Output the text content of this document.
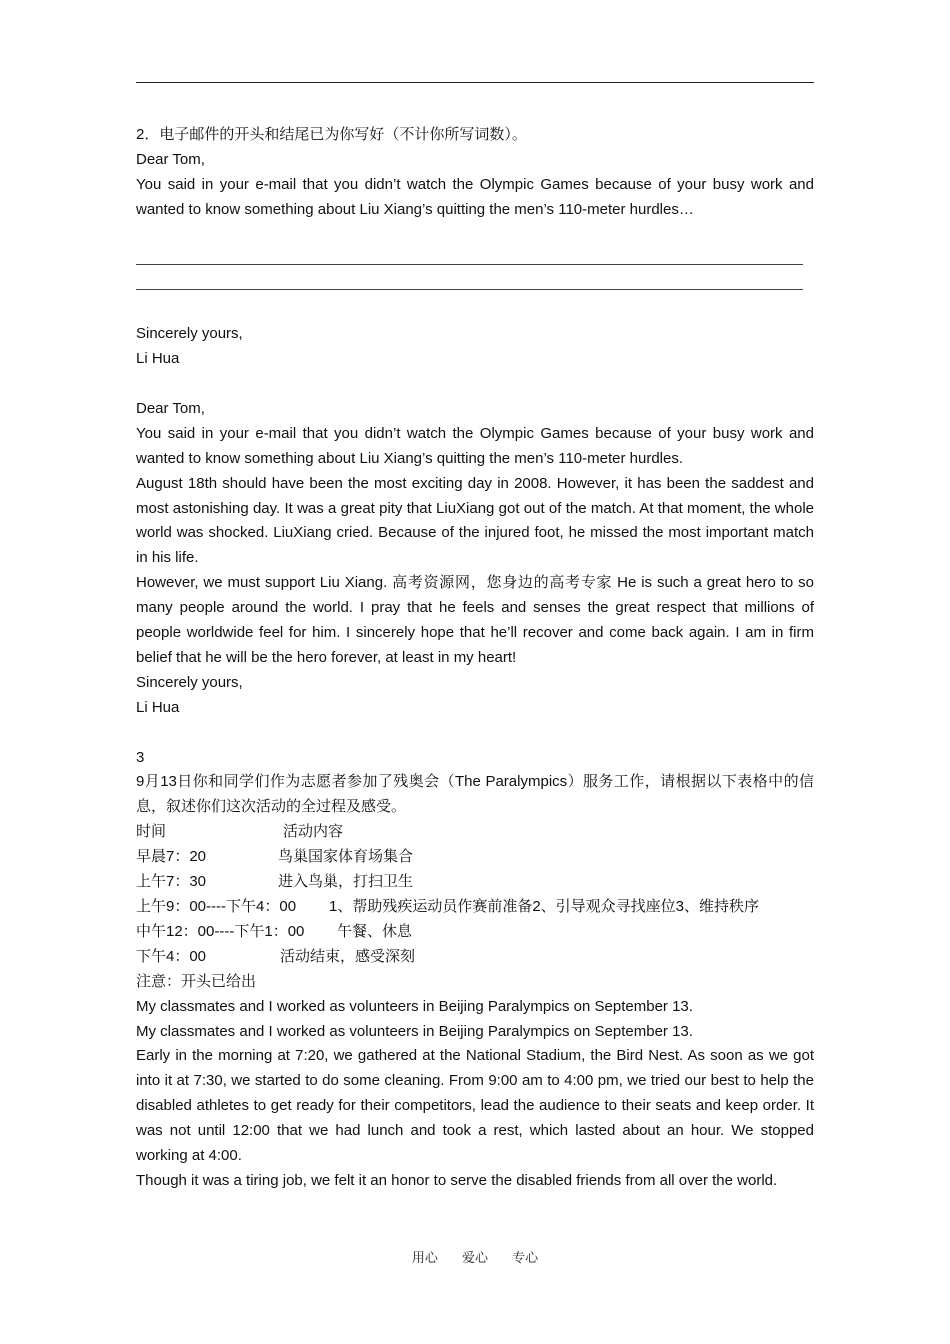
2．电子邮件的开头和结尾已为你写好（不计你所写词数）。

Dear Tom,

You said in your e-mail that you didn’t watch the Olympic Games because of your busy work and wanted to know something about Liu Xiang’s quitting the men’s 110-meter hurdles…

Sincerely yours,

Li Hua

Dear Tom,

You said in your e-mail that you didn’t watch the Olympic Games because of your busy work and wanted to know something about Liu Xiang’s quitting the men’s 110-meter hurdles.

August 18th should have been the most exciting day in 2008. However, it has been the saddest and most astonishing day. It was a great pity that LiuXiang got out of the match. At that moment, the whole world was shocked. LiuXiang cried. Because of the injured foot, he missed the most important match in his life.

However, we must support Liu Xiang. 高考资源网，您身边的高考专家 He is such a great hero to so many people around the world. I pray that he feels and senses the great respect that millions of people worldwide feel for him. I sincerely hope that he’ll recover and come back again. I am in firm belief that he will be the hero forever, at least in my heart!

Sincerely yours,

Li Hua

3

9月13日你和同学们作为志愿者参加了残奥会（The Paralympics）服务工作，请根据以下表格中的信息，叙述你们这次活动的全过程及感受。

时间	活动内容
早晨7：20	鸟巢国家体育场集合
上午7：30	进入鸟巢，打扫卫生
上午9：00----下午4：00	1、帮助残疾运动员作赛前准备2、引导观众寻找座位3、维持秩序
中午12：00----下午1：00	午餐、休息
下午4：00	活动结束，感受深刻

注意：开头已给出

My classmates and I worked as volunteers in Beijing Paralympics on September 13.

My classmates and I worked as volunteers in Beijing Paralympics on September 13.

Early in the morning at 7:20, we gathered at the National Stadium, the Bird Nest. As soon as we got into it at 7:30, we started to do some cleaning. From 9:00 am to 4:00 pm, we tried our best to help the disabled athletes to get ready for their competitors, lead the audience to their seats and keep order. It was not until 12:00 that we had lunch and took a rest, which lasted about an hour. We stopped working at 4:00.

Though it was a tiring job, we felt it an honor to serve the disabled friends from all over the world.

用心 爱心 专心
